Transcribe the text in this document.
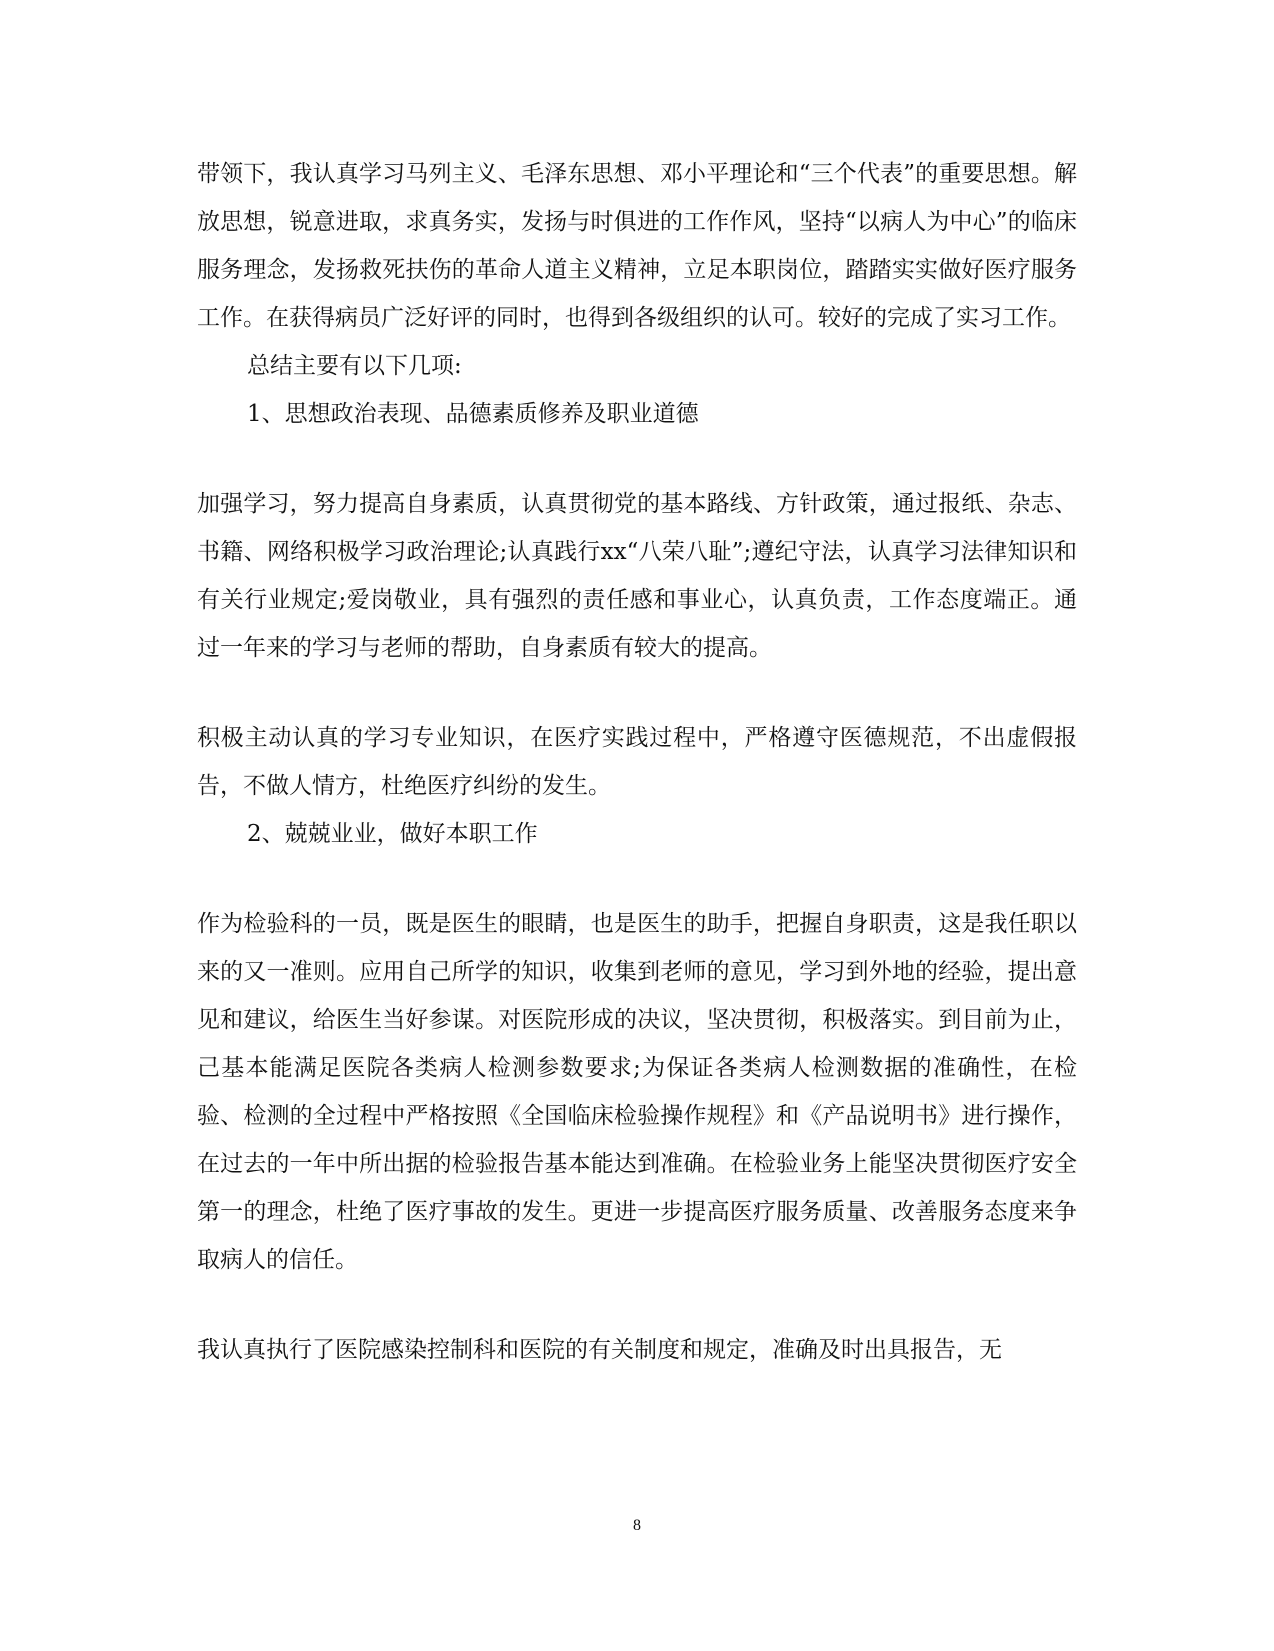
带领下，我认真学习马列主义、毛泽东思想、邓小平理论和“三个代表”的重要思想。解放思想，锐意进取，求真务实，发扬与时俱进的工作作风，坚持“以病人为中心”的临床服务理念，发扬救死扶伤的革命人道主义精神，立足本职岗位，踏踏实实做好医疗服务工作。在获得病员广泛好评的同时，也得到各级组织的认可。较好的完成了实习工作。

总结主要有以下几项:

1、思想政治表现、品德素质修养及职业道德

加强学习，努力提高自身素质，认真贯彻党的基本路线、方针政策，通过报纸、杂志、书籍、网络积极学习政治理论;认真践行xx“八荣八耻”;遵纪守法，认真学习法律知识和有关行业规定;爱岗敬业，具有强烈的责任感和事业心，认真负责，工作态度端正。通过一年来的学习与老师的帮助，自身素质有较大的提高。

积极主动认真的学习专业知识，在医疗实践过程中，严格遵守医德规范，不出虚假报告，不做人情方，杜绝医疗纠纷的发生。

2、兢兢业业，做好本职工作

作为检验科的一员，既是医生的眼睛，也是医生的助手，把握自身职责，这是我任职以来的又一准则。应用自己所学的知识，收集到老师的意见，学习到外地的经验，提出意见和建议，给医生当好参谋。对医院形成的决议，坚决贯彻，积极落实。到目前为止，己基本能满足医院各类病人检测参数要求;为保证各类病人检测数据的准确性，在检验、检测的全过程中严格按照《全国临床检验操作规程》和《产品说明书》进行操作，在过去的一年中所出据的检验报告基本能达到准确。在检验业务上能坚决贯彻医疗安全第一的理念，杜绝了医疗事故的发生。更进一步提高医疗服务质量、改善服务态度来争取病人的信任。

我认真执行了医院感染控制科和医院的有关制度和规定，准确及时出具报告，无

8
